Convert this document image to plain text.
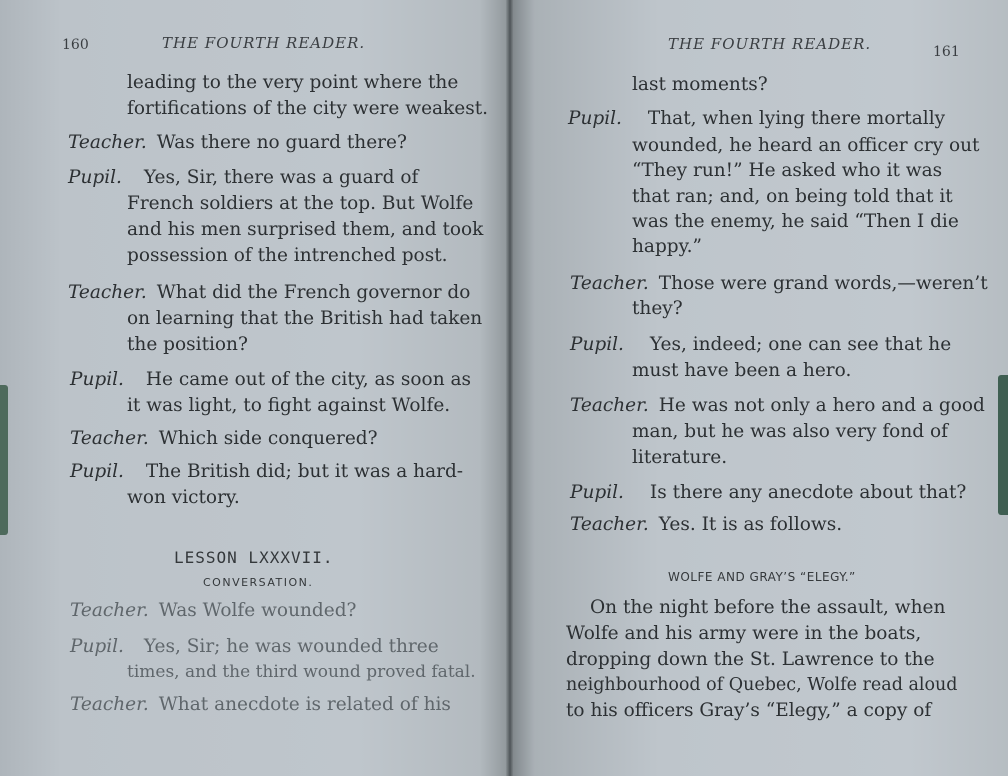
160	THE FOURTH READER.
leading to the very point where the
fortifications of the city were weakest.
Teacher. Was there no guard there?
Pupil. Yes, Sir, there was a guard of
French soldiers at the top. But Wolfe
and his men surprised them, and took
possession of the intrenched post.
Teacher. What did the French governor do
on learning that the British had taken
the position?
Pupil. He came out of the city, as soon as
it was light, to fight against Wolfe.
Teacher. Which side conquered?
Pupil. The British did; but it was a hard-
won victory.
LESSON LXXXVII.
CONVERSATION.
Teacher. Was Wolfe wounded?
Pupil. Yes, Sir; he was wounded three
times, and the third wound proved fatal.
Teacher. What anecdote is related of his
THE FOURTH READER.	161
last moments?
Pupil. That, when lying there mortally
wounded, he heard an officer cry out
“They run!” He asked who it was
that ran; and, on being told that it
was the enemy, he said “Then I die
happy.”
Teacher. Those were grand words,—weren’t
they?
Pupil. Yes, indeed; one can see that he
must have been a hero.
Teacher. He was not only a hero and a good
man, but he was also very fond of
literature.
Pupil. Is there any anecdote about that?
Teacher. Yes. It is as follows.
WOLFE AND GRAY’S “ELEGY.”
On the night before the assault, when
Wolfe and his army were in the boats,
dropping down the St. Lawrence to the
neighbourhood of Quebec, Wolfe read aloud
to his officers Gray’s “Elegy,” a copy of
